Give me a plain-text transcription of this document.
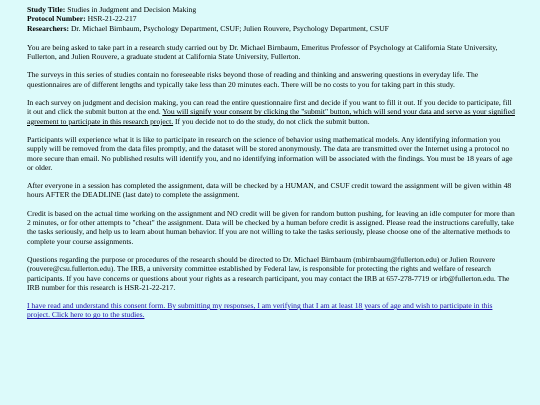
Study Title: Studies in Judgment and Decision Making
Protocol Number: HSR-21-22-217
Researchers: Dr. Michael Birnbaum, Psychology Department, CSUF; Julien Rouvere, Psychology Department, CSUF

You are being asked to take part in a research study carried out by Dr. Michael Birnbaum, Emeritus Professor of Psychology at California State University, Fullerton, and Julien Rouvere, a graduate student at California State University, Fullerton.

The surveys in this series of studies contain no foreseeable risks beyond those of reading and thinking and answering questions in everyday life. The questionnaires are of different lengths and typically take less than 20 minutes each. There will be no costs to you for taking part in this study.

In each survey on judgment and decision making, you can read the entire questionnaire first and decide if you want to fill it out. If you decide to participate, fill it out and click the submit button at the end. You will signify your consent by clicking the "submit" button, which will send your data and serve as your signified agreement to participate in this research project. If you decide not to do the study, do not click the submit button.

Participants will experience what it is like to participate in research on the science of behavior using mathematical models. Any identifying information you supply will be removed from the data files promptly, and the dataset will be stored anonymously. The data are transmitted over the Internet using a protocol no more secure than email. No published results will identify you, and no identifying information will be associated with the findings. You must be 18 years of age or older.

After everyone in a session has completed the assignment, data will be checked by a HUMAN, and CSUF credit toward the assignment will be given within 48 hours AFTER the DEADLINE (last date) to complete the assignment.

Credit is based on the actual time working on the assignment and NO credit will be given for random button pushing, for leaving an idle computer for more than 2 minutes, or for other attempts to "cheat" the assignment. Data will be checked by a human before credit is assigned. Please read the instructions carefully, take the tasks seriously, and help us to learn about human behavior. If you are not willing to take the tasks seriously, please choose one of the alternative methods to complete your course assignments.

Questions regarding the purpose or procedures of the research should be directed to Dr. Michael Birnbaum (mbirnbaum@fullerton.edu) or Julien Rouvere (rouvere@csu.fullerton.edu). The IRB, a university committee established by Federal law, is responsible for protecting the rights and welfare of research participants. If you have concerns or questions about your rights as a research participant, you may contact the IRB at 657-278-7719 or irb@fullerton.edu. The IRB number for this research is HSR-21-22-217.

I have read and understand this consent form. By submitting my responses, I am verifying that I am at least 18 years of age and wish to participate in this project. Click here to go to the studies.
